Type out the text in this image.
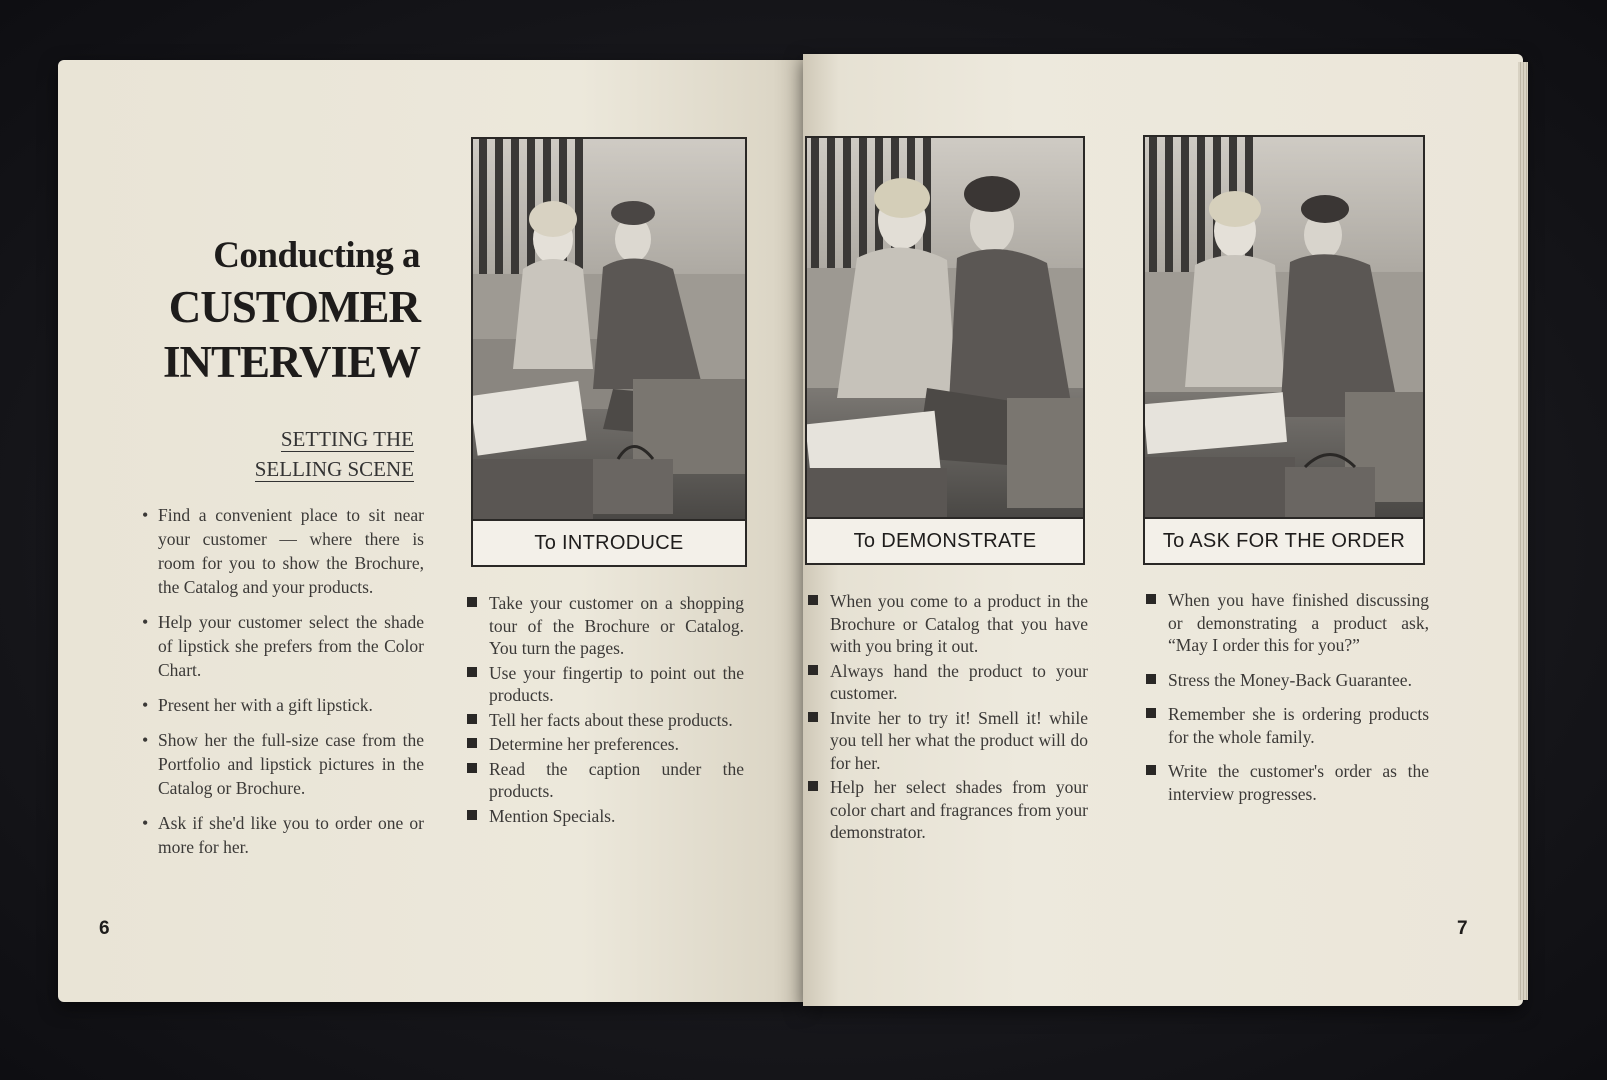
Conducting a
CUSTOMER
INTERVIEW
SETTING THE
SELLING SCENE
• Find a convenient place to sit near your customer — where there is room for you to show the Brochure, the Catalog and your products.
• Help your customer select the shade of lipstick she prefers from the Color Chart.
• Present her with a gift lipstick.
• Show her the full-size case from the Portfolio and lipstick pictures in the Catalog or Brochure.
• Ask if she'd like you to order one or more for her.
To INTRODUCE
Take your customer on a shopping tour of the Brochure or Catalog. You turn the pages.
Use your fingertip to point out the products.
Tell her facts about these products.
Determine her preferences.
Read the caption under the products.
Mention Specials.
6
To DEMONSTRATE
When you come to a product in the Brochure or Catalog that you have with you bring it out.
Always hand the product to your customer.
Invite her to try it! Smell it! while you tell her what the product will do for her.
Help her select shades from your color chart and fragrances from your demonstrator.
To ASK FOR THE ORDER
When you have finished discussing or demonstrating a product ask, “May I order this for you?”
Stress the Money-Back Guarantee.
Remember she is ordering products for the whole family.
Write the customer's order as the interview progresses.
7
